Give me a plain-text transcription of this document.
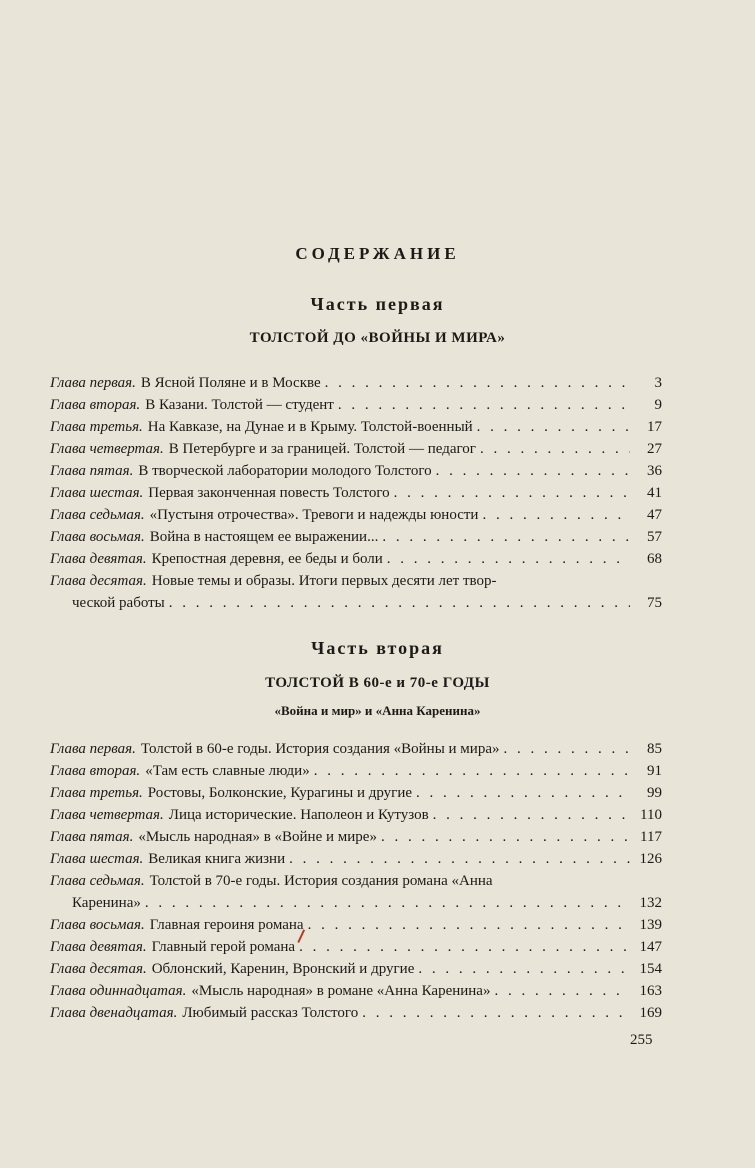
СОДЕРЖАНИЕ
Часть первая
ТОЛСТОЙ ДО «ВОЙНЫ И МИРА»
Глава первая. В Ясной Поляне и в Москве . . .	3
Глава вторая. В Казани. Толстой — студент . . .	9
Глава третья. На Кавказе, на Дунае и в Крыму. Толстой-военный . . .	17
Глава четвертая. В Петербурге и за границей. Толстой — педагог . . .	27
Глава пятая. В творческой лаборатории молодого Толстого . . .	36
Глава шестая. Первая законченная повесть Толстого . . .	41
Глава седьмая. «Пустыня отрочества». Тревоги и надежды юности . . .	47
Глава восьмая. Война в настоящем ее выражении... . . .	57
Глава девятая. Крепостная деревня, ее беды и боли . . .	68
Глава десятая. Новые темы и образы. Итоги первых десяти лет твор-
ческой работы . . .	75
Часть вторая
ТОЛСТОЙ В 60-е и 70-е ГОДЫ
«Война и мир» и «Анна Каренина»
Глава первая. Толстой в 60-е годы. История создания «Войны и мира» . . .	85
Глава вторая. «Там есть славные люди» . . .	91
Глава третья. Ростовы, Болконские, Курагины и другие . . .	99
Глава четвертая. Лица исторические. Наполеон и Кутузов . . .	110
Глава пятая. «Мысль народная» в «Войне и мире» . . .	117
Глава шестая. Великая книга жизни . . .	126
Глава седьмая. Толстой в 70-е годы. История создания романа «Анна
Каренина» . . .	132
Глава восьмая. Главная героиня романа . . .	139
Глава девятая. Главный герой романа . . .	147
Глава десятая. Облонский, Каренин, Вронский и другие . . .	154
Глава одиннадцатая. «Мысль народная» в романе «Анна Каренина» . . .	163
Глава двенадцатая. Любимый рассказ Толстого . . .	169
255
